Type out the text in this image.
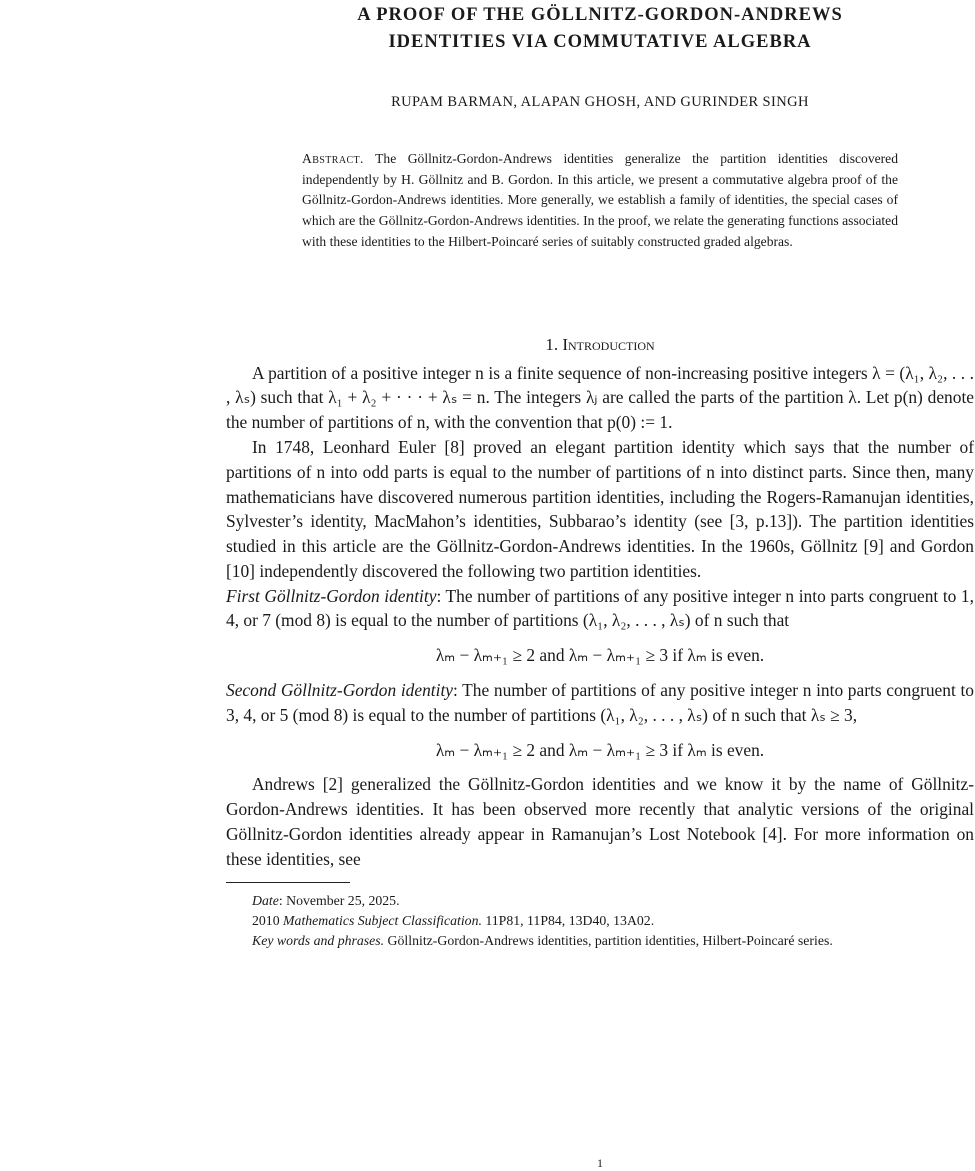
A PROOF OF THE GÖLLNITZ-GORDON-ANDREWS
IDENTITIES VIA COMMUTATIVE ALGEBRA
RUPAM BARMAN, ALAPAN GHOSH, AND GURINDER SINGH
Abstract. The Göllnitz-Gordon-Andrews identities generalize the partition identities discovered independently by H. Göllnitz and B. Gordon. In this article, we present a commutative algebra proof of the Göllnitz-Gordon-Andrews identities. More generally, we establish a family of identities, the special cases of which are the Göllnitz-Gordon-Andrews identities. In the proof, we relate the generating functions associated with these identities to the Hilbert-Poincaré series of suitably constructed graded algebras.
1. Introduction

A partition of a positive integer n is a finite sequence of non-increasing positive integers λ = (λ₁, λ₂, . . . , λₛ) such that λ₁ + λ₂ + · · · + λₛ = n. The integers λⱼ are called the parts of the partition λ. Let p(n) denote the number of partitions of n, with the convention that p(0) := 1.

In 1748, Leonhard Euler [8] proved an elegant partition identity which says that the number of partitions of n into odd parts is equal to the number of partitions of n into distinct parts. Since then, many mathematicians have discovered numerous partition identities, including the Rogers-Ramanujan identities, Sylvester’s identity, MacMahon’s identities, Subbarao’s identity (see [3, p.13]). The partition identities studied in this article are the Göllnitz-Gordon-Andrews identities. In the 1960s, Göllnitz [9] and Gordon [10] independently discovered the following two partition identities.

First Göllnitz-Gordon identity: The number of partitions of any positive integer n into parts congruent to 1, 4, or 7 (mod 8) is equal to the number of partitions (λ₁, λ₂, . . . , λₛ) of n such that

λₘ − λₘ₊₁ ≥ 2 and λₘ − λₘ₊₁ ≥ 3 if λₘ is even.

Second Göllnitz-Gordon identity: The number of partitions of any positive integer n into parts congruent to 3, 4, or 5 (mod 8) is equal to the number of partitions (λ₁, λ₂, . . . , λₛ) of n such that λₛ ≥ 3,

λₘ − λₘ₊₁ ≥ 2 and λₘ − λₘ₊₁ ≥ 3 if λₘ is even.

Andrews [2] generalized the Göllnitz-Gordon identities and we know it by the name of Göllnitz-Gordon-Andrews identities. It has been observed more recently that analytic versions of the original Göllnitz-Gordon identities already appear in Ramanujan’s Lost Notebook [4]. For more information on these identities, see

Date: November 25, 2025.

2010 Mathematics Subject Classification. 11P81, 11P84, 13D40, 13A02.

Key words and phrases. Göllnitz-Gordon-Andrews identities, partition identities, Hilbert-Poincaré series.

1
